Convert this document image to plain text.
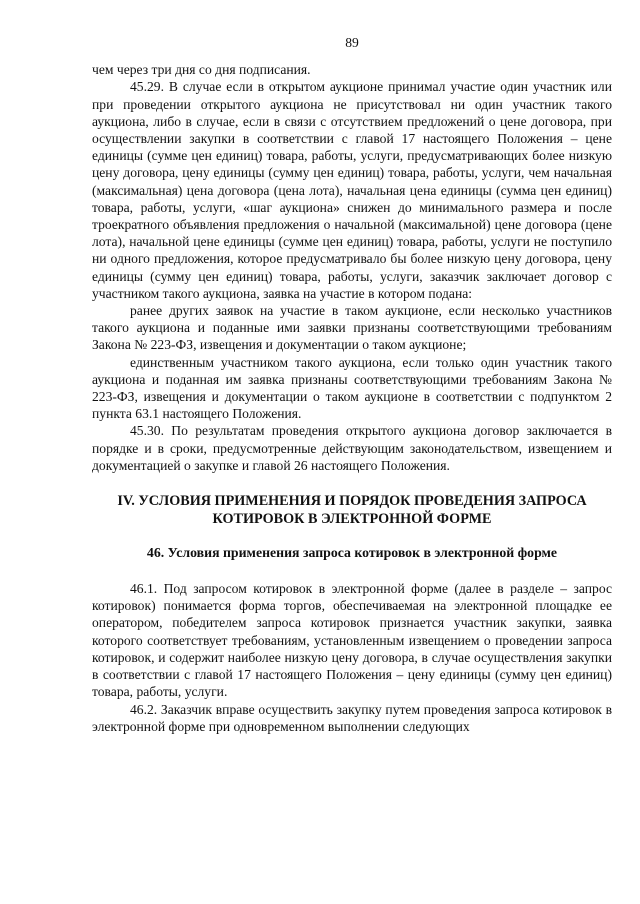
89

чем через три дня со дня подписания.

45.29. В случае если в открытом аукционе принимал участие один участник или при проведении открытого аукциона не присутствовал ни один участник такого аукциона, либо в случае, если в связи с отсутствием предложений о цене договора, при осуществлении закупки в соответствии с главой 17 настоящего Положения – цене единицы (сумме цен единиц) товара, работы, услуги, предусматривающих более низкую цену договора, цену единицы (сумму цен единиц) товара, работы, услуги, чем начальная (максимальная) цена договора (цена лота), начальная цена единицы (сумма цен единиц) товара, работы, услуги, «шаг аукциона» снижен до минимального размера и после троекратного объявления предложения о начальной (максимальной) цене договора (цене лота), начальной цене единицы (сумме цен единиц) товара, работы, услуги не поступило ни одного предложения, которое предусматривало бы более низкую цену договора, цену единицы (сумму цен единиц) товара, работы, услуги, заказчик заключает договор с участником такого аукциона, заявка на участие в котором подана:

ранее других заявок на участие в таком аукционе, если несколько участников такого аукциона и поданные ими заявки признаны соответствующими требованиям Закона № 223-ФЗ, извещения и документации о таком аукционе;

единственным участником такого аукциона, если только один участник такого аукциона и поданная им заявка признаны соответствующими требованиям Закона № 223-ФЗ, извещения и документации о таком аукционе в соответствии с подпунктом 2 пункта 63.1 настоящего Положения.

45.30. По результатам проведения открытого аукциона договор заключается в порядке и в сроки, предусмотренные действующим законодательством, извещением и документацией о закупке и главой 26 настоящего Положения.

IV. УСЛОВИЯ ПРИМЕНЕНИЯ И ПОРЯДОК ПРОВЕДЕНИЯ ЗАПРОСА КОТИРОВОК В ЭЛЕКТРОННОЙ ФОРМЕ
46. Условия применения запроса котировок в электронной форме

46.1. Под запросом котировок в электронной форме (далее в разделе – запрос котировок) понимается форма торгов, обеспечиваемая на электронной площадке ее оператором, победителем запроса котировок признается участник закупки, заявка которого соответствует требованиям, установленным извещением о проведении запроса котировок, и содержит наиболее низкую цену договора, в случае осуществления закупки в соответствии с главой 17 настоящего Положения – цену единицы (сумму цен единиц) товара, работы, услуги.

46.2. Заказчик вправе осуществить закупку путем проведения запроса котировок в электронной форме при одновременном выполнении следующих
